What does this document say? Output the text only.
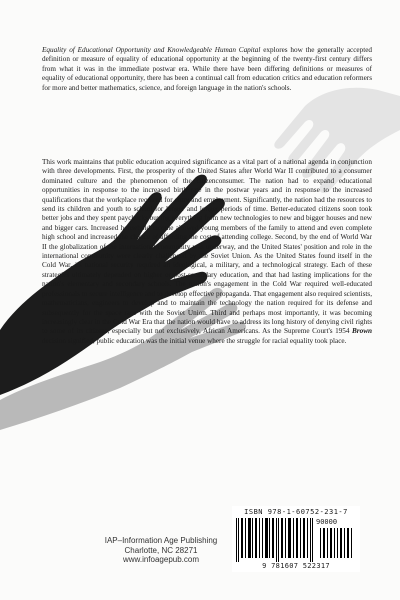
Equality of Educational Opportunity and Knowledgeable Human Capital explores how the generally accepted definition or measure of equality of educational opportunity at the beginning of the twenty-first century differs from what it was in the immediate postwar era. While there have been differing definitions or measures of equality of educational opportunity, there has been a continual call from education critics and education reformers for more and better mathematics, science, and foreign language in the nation's schools.
This work maintains that public education acquired significance as a vital part of a national agenda in conjunction with three developments. First, the prosperity of the United States after World War II contributed to a consumer dominated culture and the phenomenon of the citizenconsumer. The nation had to expand educational opportunities in response to the increased birth rate in the postwar years and in response to the increased qualifications that the workplace required for entry and employment. Significantly, the nation had the resources to send its children and youth to school for longer and longer periods of time. Better-educated citizens soon took better jobs and they spent paychecks buying everything from new technologies to new and bigger houses and new and bigger cars. Increased household income allowed young members of the family to attend and even complete high school and increased the chance of affording the cost of attending college. Second, by the end of World War II the globalization of the international community was underway, and the United States' position and role in the international community were clearly challenged by the Soviet Union. As the United States found itself in the Cold War, its national security required an ideological, a military, and a technological strategy. Each of these strategies ultimately depended on higher or post-secondary education, and that had lasting implications for the nation's elementary and secondary schools. The nation's engagement in the Cold War required well-educated professionals to secure intelligence and to develop effective propaganda. That engagement also required scientists, mathematicians, engineers to develop and to maintain the technology the nation required for its defense and subsequently for the space race with the Soviet Union. Third and perhaps most importantly, it was becoming increasingly clear in the Cold War Era that the nation would have to address its long history of denying civil rights to some of its citizens, especially but not exclusively, African Americans. As the Supreme Court's 1954 Brown decision signified, public education was the initial venue where the struggle for racial equality took place.
IAP–Information Age Publishing
Charlotte, NC 28271
www.infoagepub.com
ISBN 978-1-60752-231-7
90000
9 781607 522317
